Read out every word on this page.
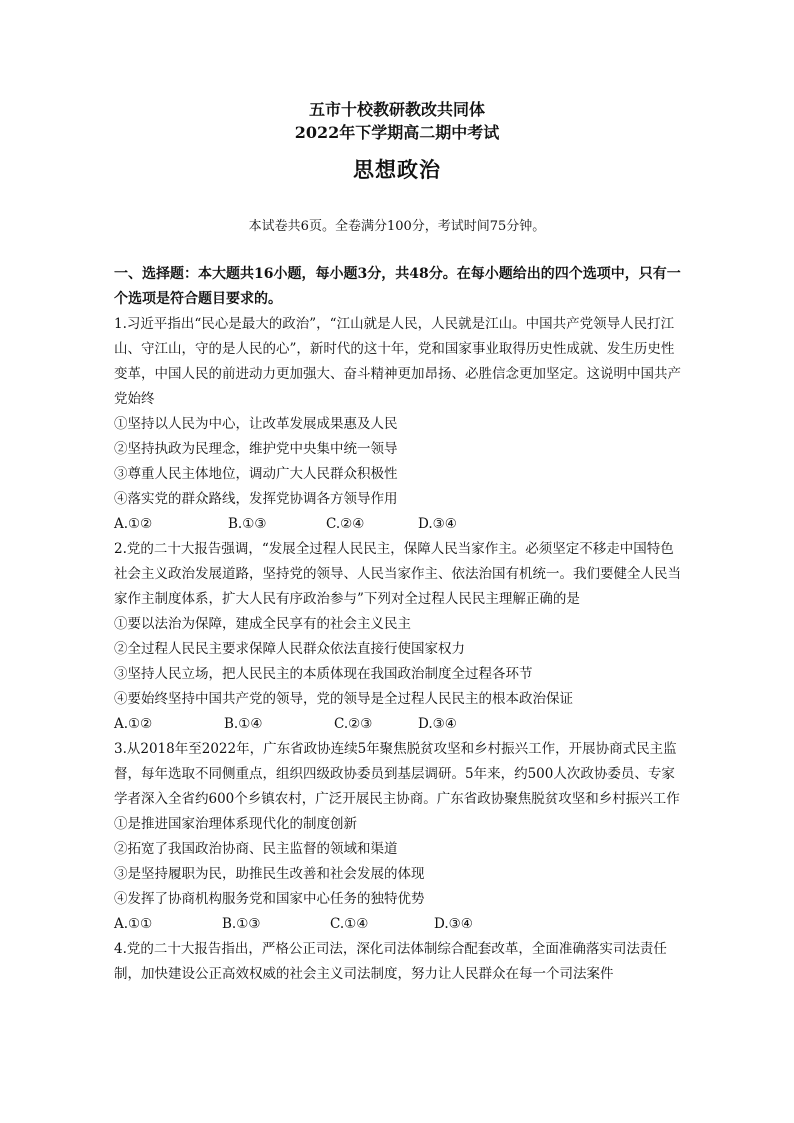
五市十校教研教改共同体
2022年下学期高二期中考试
思想政治
本试卷共6页。全卷满分100分，考试时间75分钟。

一、选择题：本大题共16小题，每小题3分，共48分。在每小题给出的四个选项中，只有一个选项是符合题目要求的。

1.习近平指出“民心是最大的政治”，“江山就是人民，人民就是江山。中国共产党领导人民打江山、守江山，守的是人民的心”，新时代的这十年，党和国家事业取得历史性成就、发生历史性变革，中国人民的前进动力更加强大、奋斗精神更加昂扬、必胜信念更加坚定。这说明中国共产党始终

①坚持以人民为中心，让改革发展成果惠及人民

②坚持执政为民理念，维护党中央集中统一领导

③尊重人民主体地位，调动广大人民群众积极性

④落实党的群众路线，发挥党协调各方领导作用

A.①②	B.①③	C.②④	D.③④

2.党的二十大报告强调，“发展全过程人民民主，保障人民当家作主。必须坚定不移走中国特色社会主义政治发展道路，坚持党的领导、人民当家作主、依法治国有机统一。我们要健全人民当家作主制度体系，扩大人民有序政治参与”下列对全过程人民民主理解正确的是

①要以法治为保障，建成全民享有的社会主义民主

②全过程人民民主要求保障人民群众依法直接行使国家权力

③坚持人民立场，把人民民主的本质体现在我国政治制度全过程各环节

④要始终坚持中国共产党的领导，党的领导是全过程人民民主的根本政治保证

A.①②	B.①④	C.②③	D.③④

3.从2018年至2022年，广东省政协连续5年聚焦脱贫攻坚和乡村振兴工作，开展协商式民主监督，每年选取不同侧重点，组织四级政协委员到基层调研。5年来，约500人次政协委员、专家学者深入全省约600个乡镇农村，广泛开展民主协商。广东省政协聚焦脱贫攻坚和乡村振兴工作

①是推进国家治理体系现代化的制度创新

②拓宽了我国政治协商、民主监督的领域和渠道

③是坚持履职为民，助推民生改善和社会发展的体现

④发挥了协商机构服务党和国家中心任务的独特优势

A.①①	B.①③	C.①④	D.③④

4.党的二十大报告指出，严格公正司法，深化司法体制综合配套改革，全面准确落实司法责任制，加快建设公正高效权威的社会主义司法制度，努力让人民群众在每一个司法案件
